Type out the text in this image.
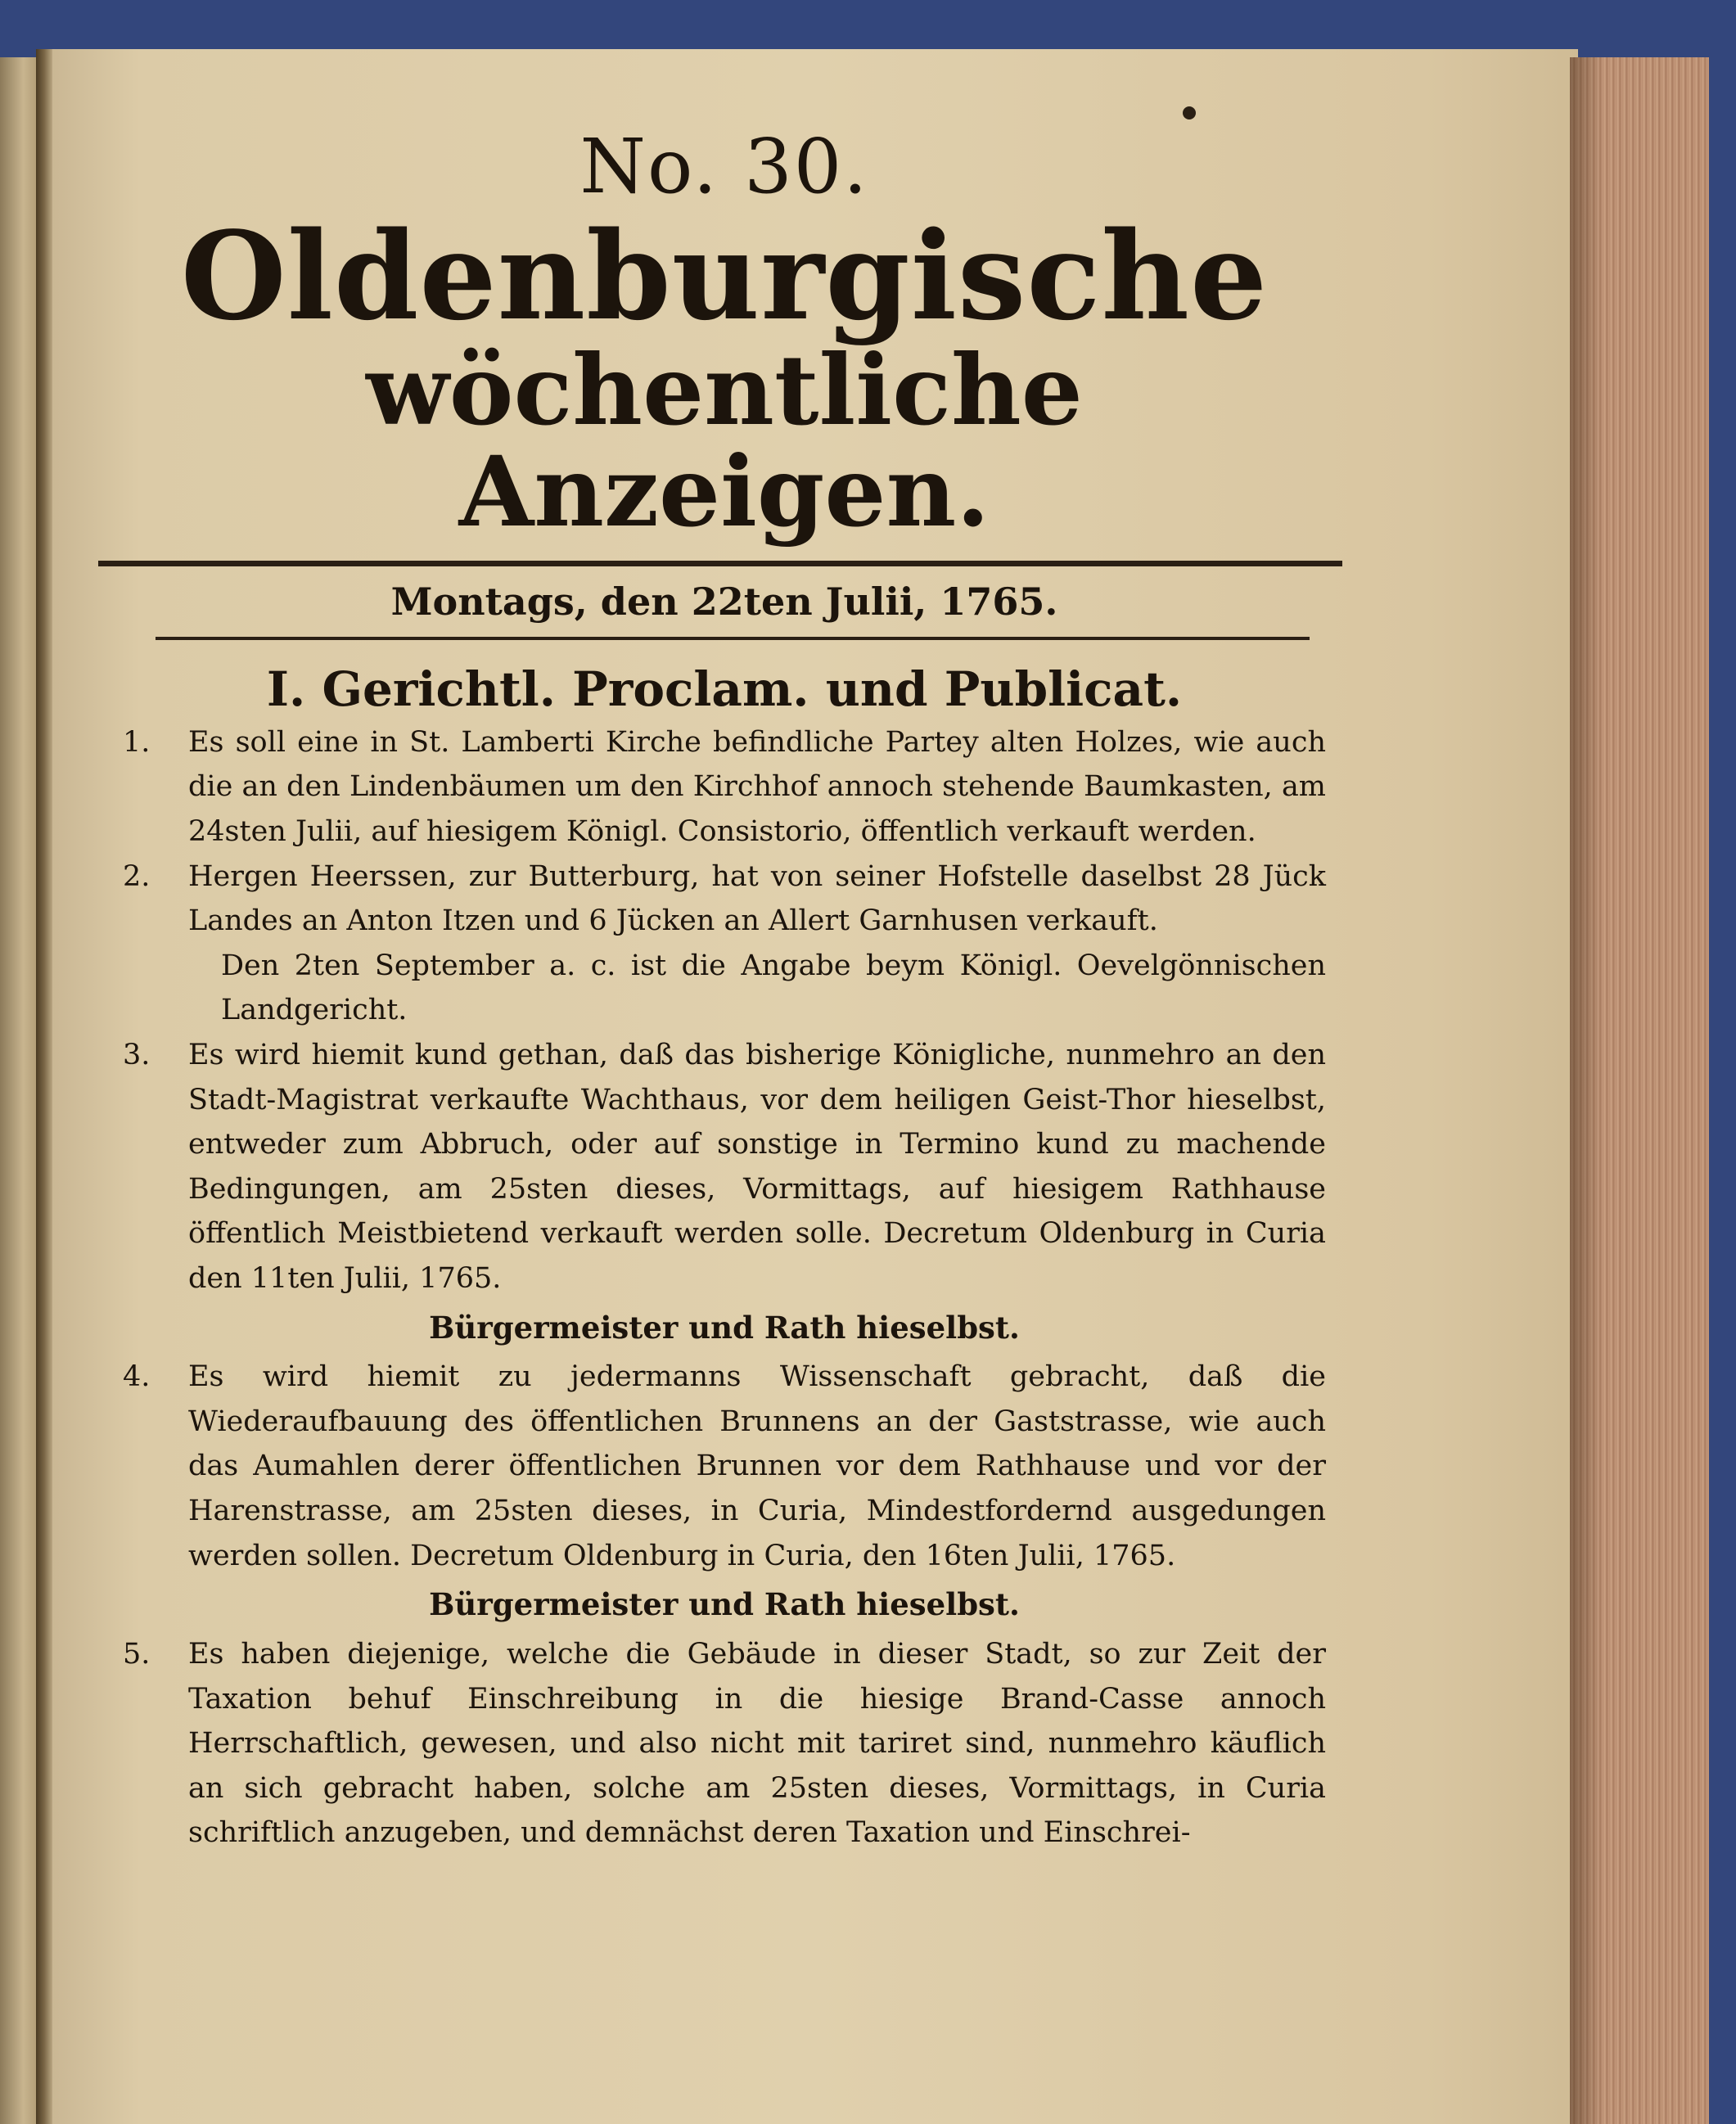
No. 30.
Oldenburgische
wöchentliche Anzeigen.
Montags, den 22ten Julii, 1765.
I. Gerichtl. Proclam. und Publicat.
1. Es soll eine in St. Lamberti Kirche befindliche Partey alten Holzes, wie auch die an den Lindenbäumen um den Kirchhof annoch stehende Baumkasten, am 24sten Julii, auf hiesigem Königl. Consistorio, öffentlich verkauft werden.

2. Hergen Heerssen, zur Butterburg, hat von seiner Hofstelle daselbst 28 Jück Landes an Anton Itzen und 6 Jücken an Allert Garnhusen verkauft.

Den 2ten September a. c. ist die Angabe beym Königl. Oevelgönnischen Landgericht.

3. Es wird hiemit kund gethan, daß das bisherige Königliche, nunmehro an den Stadt-Magistrat verkaufte Wachthaus, vor dem heiligen Geist-Thor hieselbst, entweder zum Abbruch, oder auf sonstige in Termino kund zu machende Bedingungen, am 25sten dieses, Vormittags, auf hiesigem Rathhause öffentlich Meistbietend verkauft werden solle. Decretum Oldenburg in Curia den 11ten Julii, 1765.

Bürgermeister und Rath hieselbst.
4. Es wird hiemit zu jedermanns Wissenschaft gebracht, daß die Wiederaufbauung des öffentlichen Brunnens an der Gaststrasse, wie auch das Aumahlen derer öffentlichen Brunnen vor dem Rathhause und vor der Harenstrasse, am 25sten dieses, in Curia, Mindestfordernd ausgedungen werden sollen. Decretum Oldenburg in Curia, den 16ten Julii, 1765.

Bürgermeister und Rath hieselbst.
5. Es haben diejenige, welche die Gebäude in dieser Stadt, so zur Zeit der Taxation behuf Einschreibung in die hiesige Brand-Casse annoch Herrschaftlich, gewesen, und also nicht mit tariret sind, nunmehro käuflich an sich gebracht haben, solche am 25sten dieses, Vormittags, in Curia schriftlich anzugeben, und demnächst deren Taxation und Einschrei-
